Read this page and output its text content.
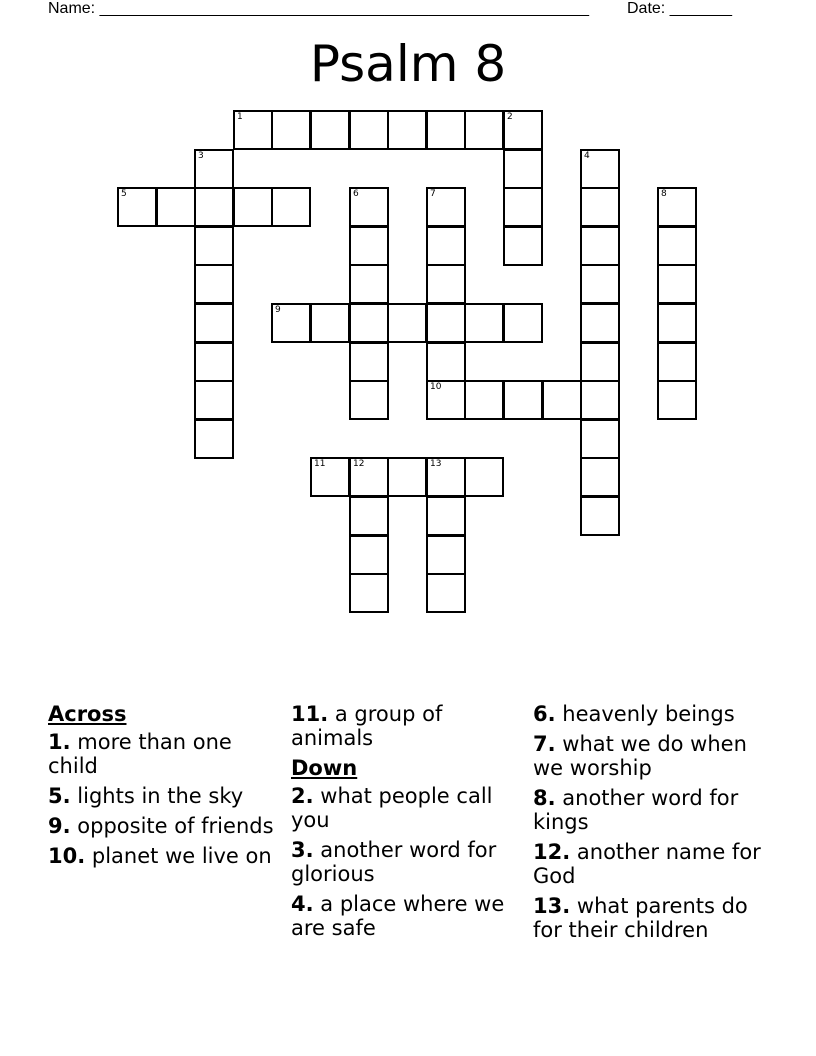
Name: _______________________________________________________ Date: _______
Psalm 8
1	2
3	4
5	6	7	8
9
10
11	12	13
Across
1. more than one child
5. lights in the sky
9. opposite of friends
10. planet we live on
11. a group of animals
Down
2. what people call you
3. another word for glorious
4. a place where we are safe
6. heavenly beings
7. what we do when we worship
8. another word for kings
12. another name for God
13. what parents do for their children
